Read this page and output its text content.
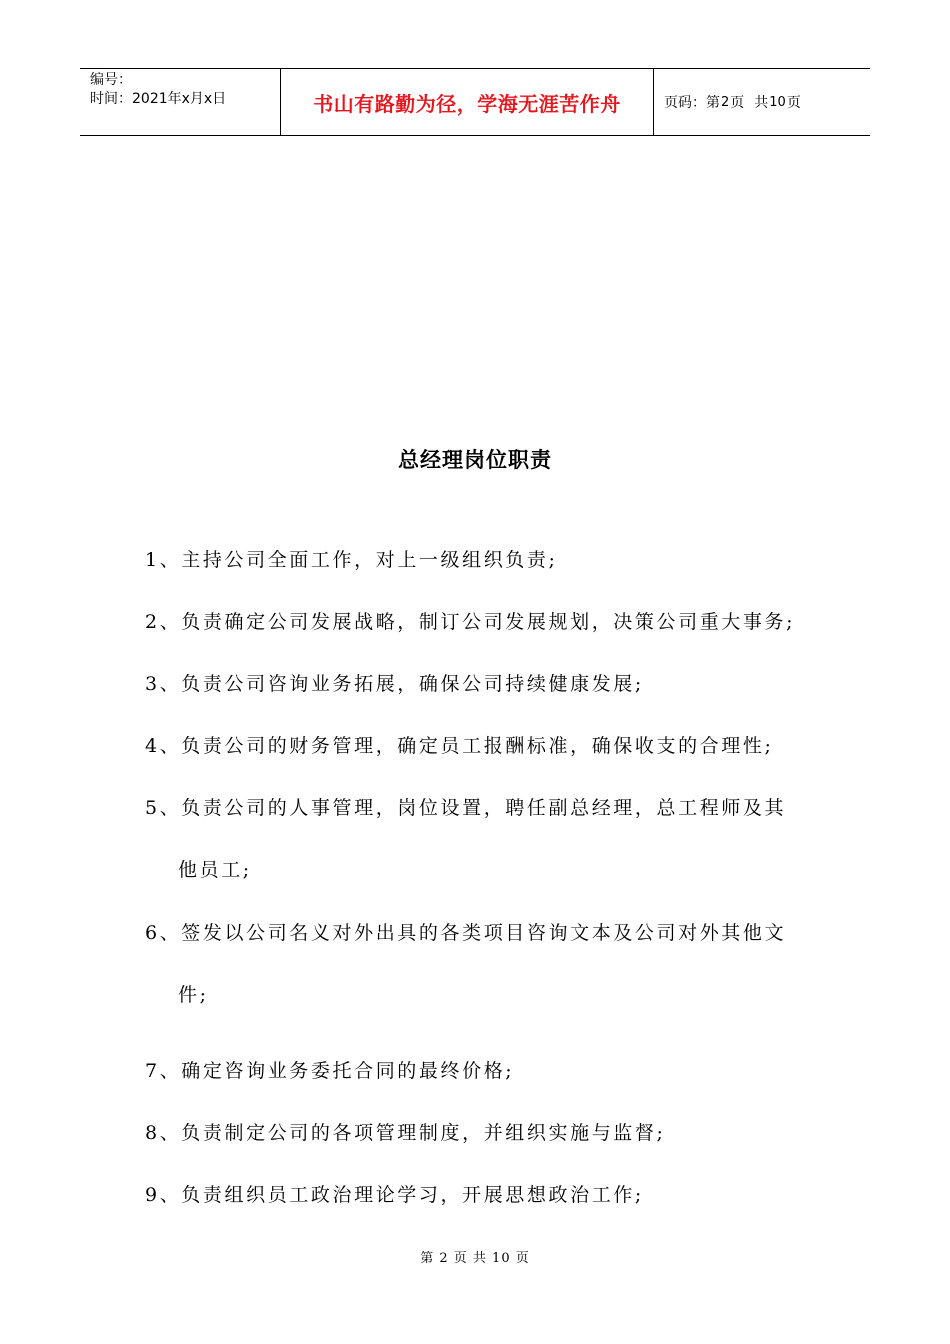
编号：
时间：2021年x月x日	书山有路勤为径，学海无涯苦作舟	页码：第 2 页 共 10 页
总经理岗位职责
1、主持公司全面工作，对上一级组织负责;
2、负责确定公司发展战略，制订公司发展规划，决策公司重大事务;
3、负责公司咨询业务拓展，确保公司持续健康发展;
4、负责公司的财务管理，确定员工报酬标准，确保收支的合理性;
5、负责公司的人事管理，岗位设置，聘任副总经理，总工程师及其
他员工;
6、签发以公司名义对外出具的各类项目咨询文本及公司对外其他文
件;
7、确定咨询业务委托合同的最终价格;
8、负责制定公司的各项管理制度，并组织实施与监督;
9、负责组织员工政治理论学习，开展思想政治工作;
第 2 页 共 10 页
